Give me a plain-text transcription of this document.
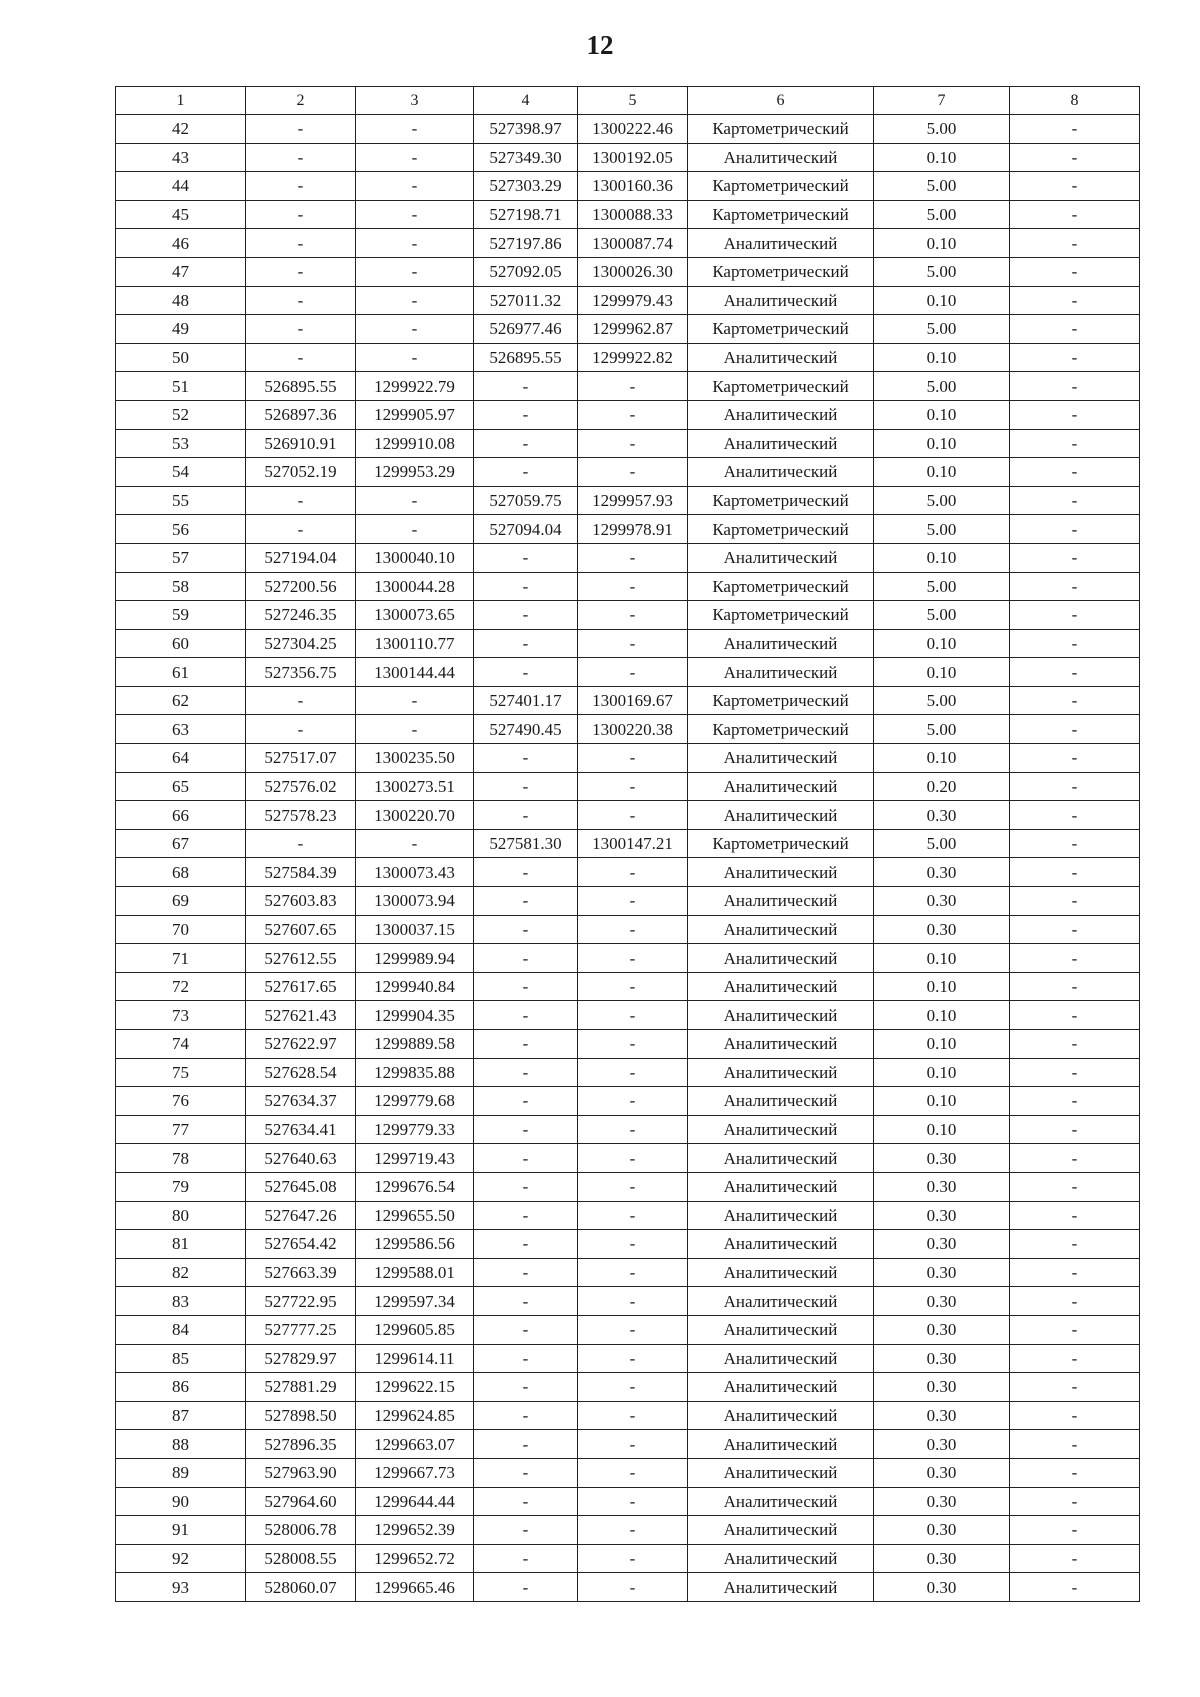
12
1	2	3	4	5	6	7	8
42	-	-	527398.97	1300222.46	Картометрический	5.00	-
43	-	-	527349.30	1300192.05	Аналитический	0.10	-
44	-	-	527303.29	1300160.36	Картометрический	5.00	-
45	-	-	527198.71	1300088.33	Картометрический	5.00	-
46	-	-	527197.86	1300087.74	Аналитический	0.10	-
47	-	-	527092.05	1300026.30	Картометрический	5.00	-
48	-	-	527011.32	1299979.43	Аналитический	0.10	-
49	-	-	526977.46	1299962.87	Картометрический	5.00	-
50	-	-	526895.55	1299922.82	Аналитический	0.10	-
51	526895.55	1299922.79	-	-	Картометрический	5.00	-
52	526897.36	1299905.97	-	-	Аналитический	0.10	-
53	526910.91	1299910.08	-	-	Аналитический	0.10	-
54	527052.19	1299953.29	-	-	Аналитический	0.10	-
55	-	-	527059.75	1299957.93	Картометрический	5.00	-
56	-	-	527094.04	1299978.91	Картометрический	5.00	-
57	527194.04	1300040.10	-	-	Аналитический	0.10	-
58	527200.56	1300044.28	-	-	Картометрический	5.00	-
59	527246.35	1300073.65	-	-	Картометрический	5.00	-
60	527304.25	1300110.77	-	-	Аналитический	0.10	-
61	527356.75	1300144.44	-	-	Аналитический	0.10	-
62	-	-	527401.17	1300169.67	Картометрический	5.00	-
63	-	-	527490.45	1300220.38	Картометрический	5.00	-
64	527517.07	1300235.50	-	-	Аналитический	0.10	-
65	527576.02	1300273.51	-	-	Аналитический	0.20	-
66	527578.23	1300220.70	-	-	Аналитический	0.30	-
67	-	-	527581.30	1300147.21	Картометрический	5.00	-
68	527584.39	1300073.43	-	-	Аналитический	0.30	-
69	527603.83	1300073.94	-	-	Аналитический	0.30	-
70	527607.65	1300037.15	-	-	Аналитический	0.30	-
71	527612.55	1299989.94	-	-	Аналитический	0.10	-
72	527617.65	1299940.84	-	-	Аналитический	0.10	-
73	527621.43	1299904.35	-	-	Аналитический	0.10	-
74	527622.97	1299889.58	-	-	Аналитический	0.10	-
75	527628.54	1299835.88	-	-	Аналитический	0.10	-
76	527634.37	1299779.68	-	-	Аналитический	0.10	-
77	527634.41	1299779.33	-	-	Аналитический	0.10	-
78	527640.63	1299719.43	-	-	Аналитический	0.30	-
79	527645.08	1299676.54	-	-	Аналитический	0.30	-
80	527647.26	1299655.50	-	-	Аналитический	0.30	-
81	527654.42	1299586.56	-	-	Аналитический	0.30	-
82	527663.39	1299588.01	-	-	Аналитический	0.30	-
83	527722.95	1299597.34	-	-	Аналитический	0.30	-
84	527777.25	1299605.85	-	-	Аналитический	0.30	-
85	527829.97	1299614.11	-	-	Аналитический	0.30	-
86	527881.29	1299622.15	-	-	Аналитический	0.30	-
87	527898.50	1299624.85	-	-	Аналитический	0.30	-
88	527896.35	1299663.07	-	-	Аналитический	0.30	-
89	527963.90	1299667.73	-	-	Аналитический	0.30	-
90	527964.60	1299644.44	-	-	Аналитический	0.30	-
91	528006.78	1299652.39	-	-	Аналитический	0.30	-
92	528008.55	1299652.72	-	-	Аналитический	0.30	-
93	528060.07	1299665.46	-	-	Аналитический	0.30	-
